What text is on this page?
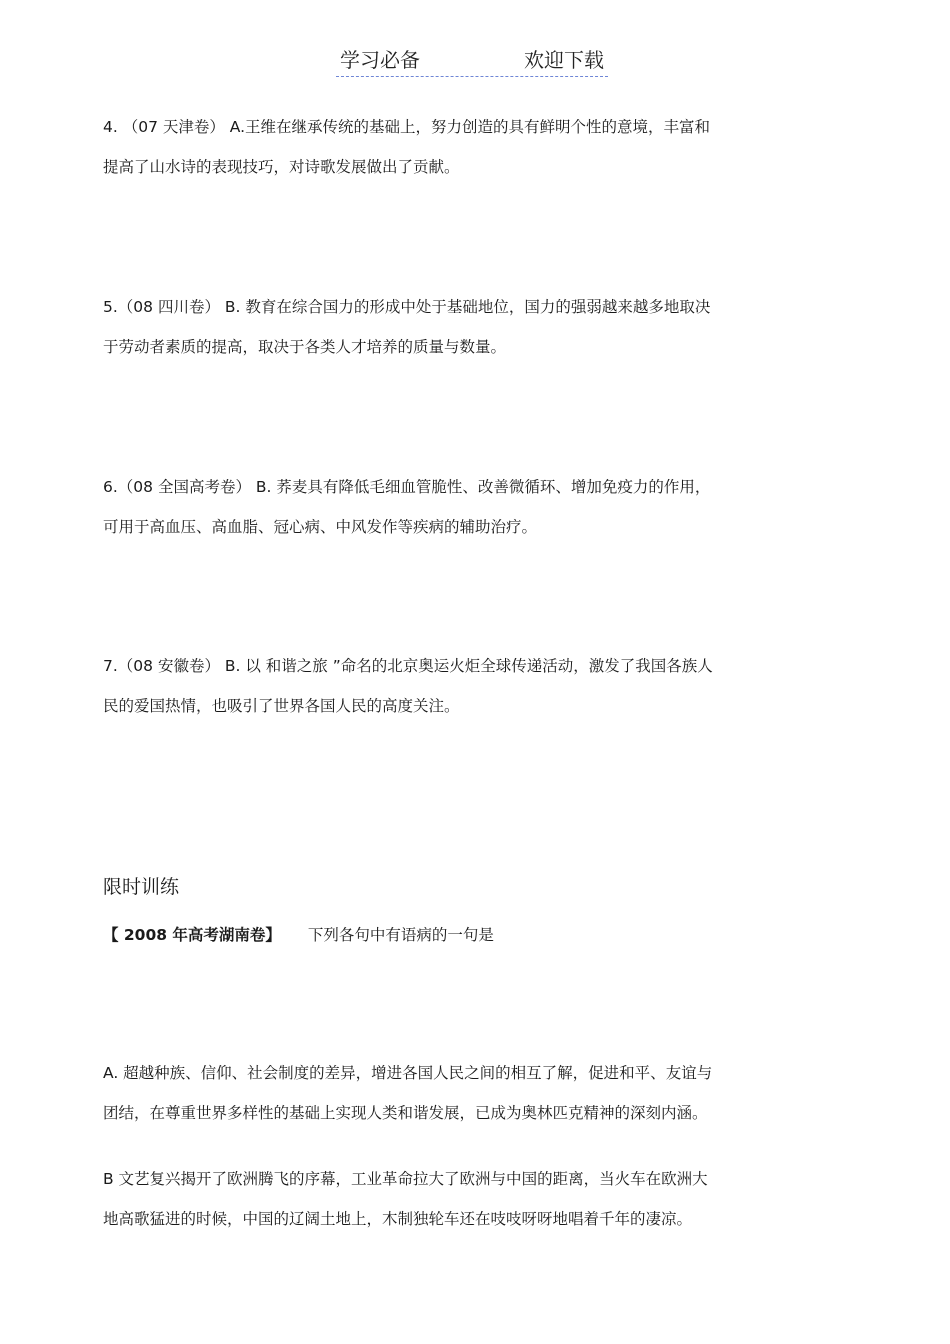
学习必备	欢迎下载
4. （07 天津卷） A.王维在继承传统的基础上，努力创造的具有鲜明个性的意境，丰富和
提高了山水诗的表现技巧，对诗歌发展做出了贡献。
5.（08 四川卷） B. 教育在综合国力的形成中处于基础地位，国力的强弱越来越多地取决
于劳动者素质的提高，取决于各类人才培养的质量与数量。
6.（08 全国高考卷） B. 荞麦具有降低毛细血管脆性、改善微循环、增加免疫力的作用，
可用于高血压、高血脂、冠心病、中风发作等疾病的辅助治疗。
7.（08 安徽卷） B. 以 和谐之旅 ”命名的北京奥运火炬全球传递活动，激发了我国各族人
民的爱国热情，也吸引了世界各国人民的高度关注。
限时训练
【 2008 年高考湖南卷】 下列各句中有语病的一句是
A. 超越种族、信仰、社会制度的差异，增进各国人民之间的相互了解，促进和平、友谊与
团结，在尊重世界多样性的基础上实现人类和谐发展，已成为奥林匹克精神的深刻内涵。
B 文艺复兴揭开了欧洲腾飞的序幕，工业革命拉大了欧洲与中国的距离，当火车在欧洲大
地高歌猛进的时候，中国的辽阔土地上，木制独轮车还在吱吱呀呀地唱着千年的凄凉。
